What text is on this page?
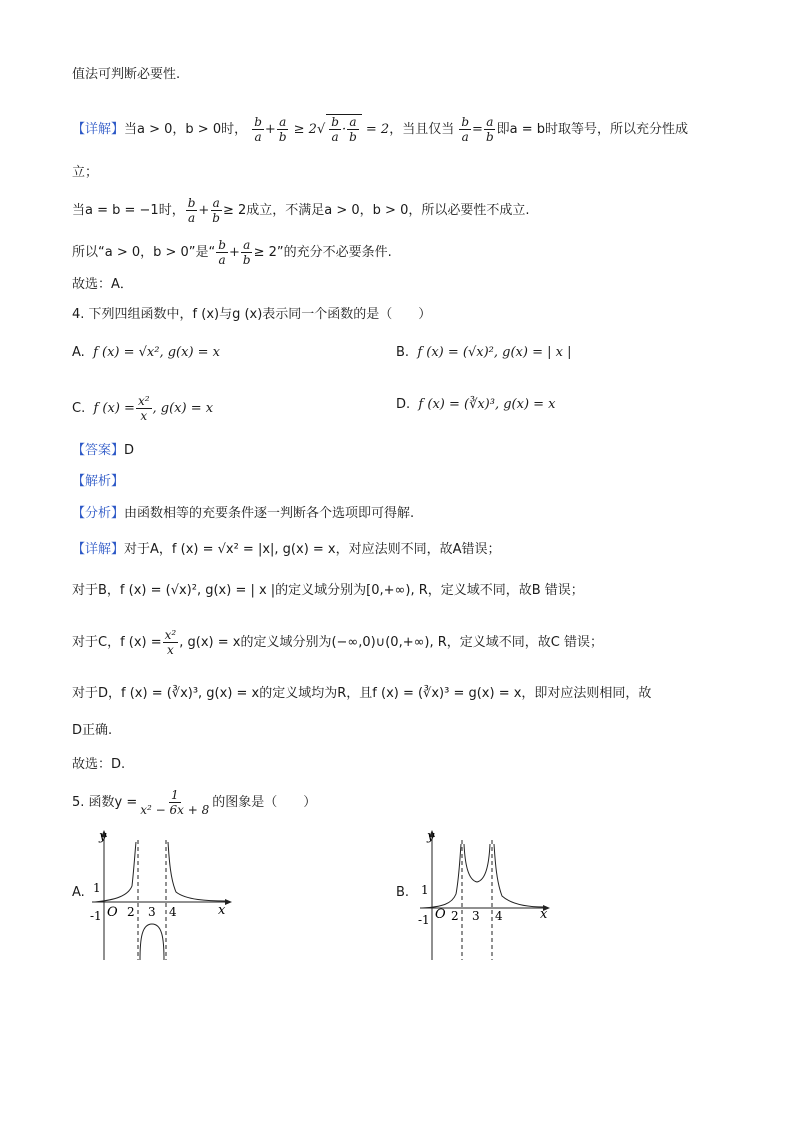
值法可判断必要性.
【详解】当a > 0，b > 0时， $\frac{b}{a} + \frac{a}{b} \ge 2√ \frac{b}{a} \cdot \frac{a}{b} = 2$，当且仅当 $\frac{b}{a} = \frac{a}{b}$ 即a = b时取等号，所以充分性成
立；
当a = b = −1时， $\frac{b}{a} + \frac{a}{b} \ge 2$成立，不满足a > 0，b > 0，所以必要性不成立.
所以“a > 0，b > 0”是“ $\frac{b}{a} + \frac{a}{b} \ge 2$”的充分不必要条件.
故选：A．
4. 下列四组函数中，f (x)与g (x)表示同一个函数的是（　　）
A. f (x) = √x², g(x) = x	B. f (x) = (√x)², g(x) = | x |
C. f $(x) = \frac{\text{x²}}{x}$ , g(x) = x	D. f (x) = (∛x)³, g(x) = x
【答案】D
【解析】
【分析】由函数相等的充要条件逐一判断各个选项即可得解.
【详解】对于A，f (x) = √x² = |x|, g(x) = x，对应法则不同，故A错误；
对于B，f (x) = (√x)², g(x) = | x |的定义域分别为[0,+∞), R，定义域不同，故B 错误；
对于C，f $(x) = \frac{\text{x²}}{x}$ , g(x) = x的定义域分别为(−∞,0)∪(0,+∞), R，定义域不同，故C 错误；
对于D，f (x) = (∛x)³, g(x) = x的定义域均为R，且f (x) = (∛x)³ = g(x) = x，即对应法则相同，故
D正确.
故选：D.
5. 函数$y = \frac{1}{\text{x² − 6x + 8}}$ 的图象是（　　）
A.
y
x
O
1
-1 2 3 4
B.
y
x
O
1
-1 2 3 4
